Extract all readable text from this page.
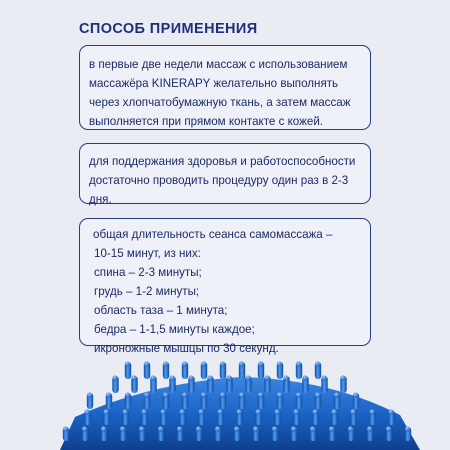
СПОСОБ ПРИМЕНЕНИЯ

в первые две недели массаж с использованием массажёра KINERAPY желательно выполнять через хлопчатобумажную ткань, а затем массаж выполняется при прямом контакте с кожей.

для поддержания здоровья и работоспособности достаточно проводить процедуру один раз в 2-3 дня.

общая длительность сеанса самомассажа –
10-15 минут, из них:
спина – 2-3 минуты;
грудь – 1-2 минуты;
область таза – 1 минута;
бедра – 1-1,5 минуты каждое;
икроножные мышцы по 30 секунд.
